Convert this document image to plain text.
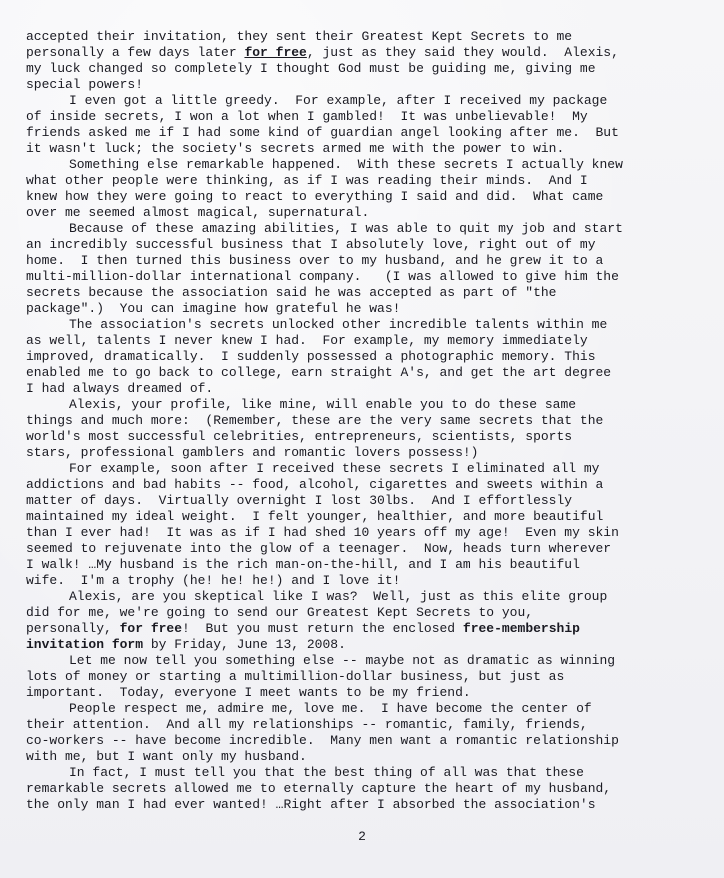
accepted their invitation, they sent their Greatest Kept Secrets to me

personally a few days later for free, just as they said they would.  Alexis,

my luck changed so completely I thought God must be guiding me, giving me

special powers!

I even got a little greedy.  For example, after I received my package

of inside secrets, I won a lot when I gambled!  It was unbelievable!  My

friends asked me if I had some kind of guardian angel looking after me.  But

it wasn't luck; the society's secrets armed me with the power to win.

Something else remarkable happened.  With these secrets I actually knew

what other people were thinking, as if I was reading their minds.  And I

knew how they were going to react to everything I said and did.  What came

over me seemed almost magical, supernatural.

Because of these amazing abilities, I was able to quit my job and start

an incredibly successful business that I absolutely love, right out of my

home.  I then turned this business over to my husband, and he grew it to a

multi-million-dollar international company.   (I was allowed to give him the

secrets because the association said he was accepted as part of "the

package".)  You can imagine how grateful he was!

The association's secrets unlocked other incredible talents within me

as well, talents I never knew I had.  For example, my memory immediately

improved, dramatically.  I suddenly possessed a photographic memory. This

enabled me to go back to college, earn straight A's, and get the art degree

I had always dreamed of.

Alexis, your profile, like mine, will enable you to do these same

things and much more:  (Remember, these are the very same secrets that the

world's most successful celebrities, entrepreneurs, scientists, sports

stars, professional gamblers and romantic lovers possess!)

For example, soon after I received these secrets I eliminated all my

addictions and bad habits -- food, alcohol, cigarettes and sweets within a

matter of days.  Virtually overnight I lost 30lbs.  And I effortlessly

maintained my ideal weight.  I felt younger, healthier, and more beautiful

than I ever had!  It was as if I had shed 10 years off my age!  Even my skin

seemed to rejuvenate into the glow of a teenager.  Now, heads turn wherever

I walk! …My husband is the rich man-on-the-hill, and I am his beautiful

wife.  I'm a trophy (he! he! he!) and I love it!

Alexis, are you skeptical like I was?  Well, just as this elite group

did for me, we're going to send our Greatest Kept Secrets to you,

personally, for free!  But you must return the enclosed free-membership

invitation form by Friday, June 13, 2008.

Let me now tell you something else -- maybe not as dramatic as winning

lots of money or starting a multimillion-dollar business, but just as

important.  Today, everyone I meet wants to be my friend.

People respect me, admire me, love me.  I have become the center of

their attention.  And all my relationships -- romantic, family, friends,

co-workers -- have become incredible.  Many men want a romantic relationship

with me, but I want only my husband.

In fact, I must tell you that the best thing of all was that these

remarkable secrets allowed me to eternally capture the heart of my husband,

the only man I had ever wanted! …Right after I absorbed the association's

2
